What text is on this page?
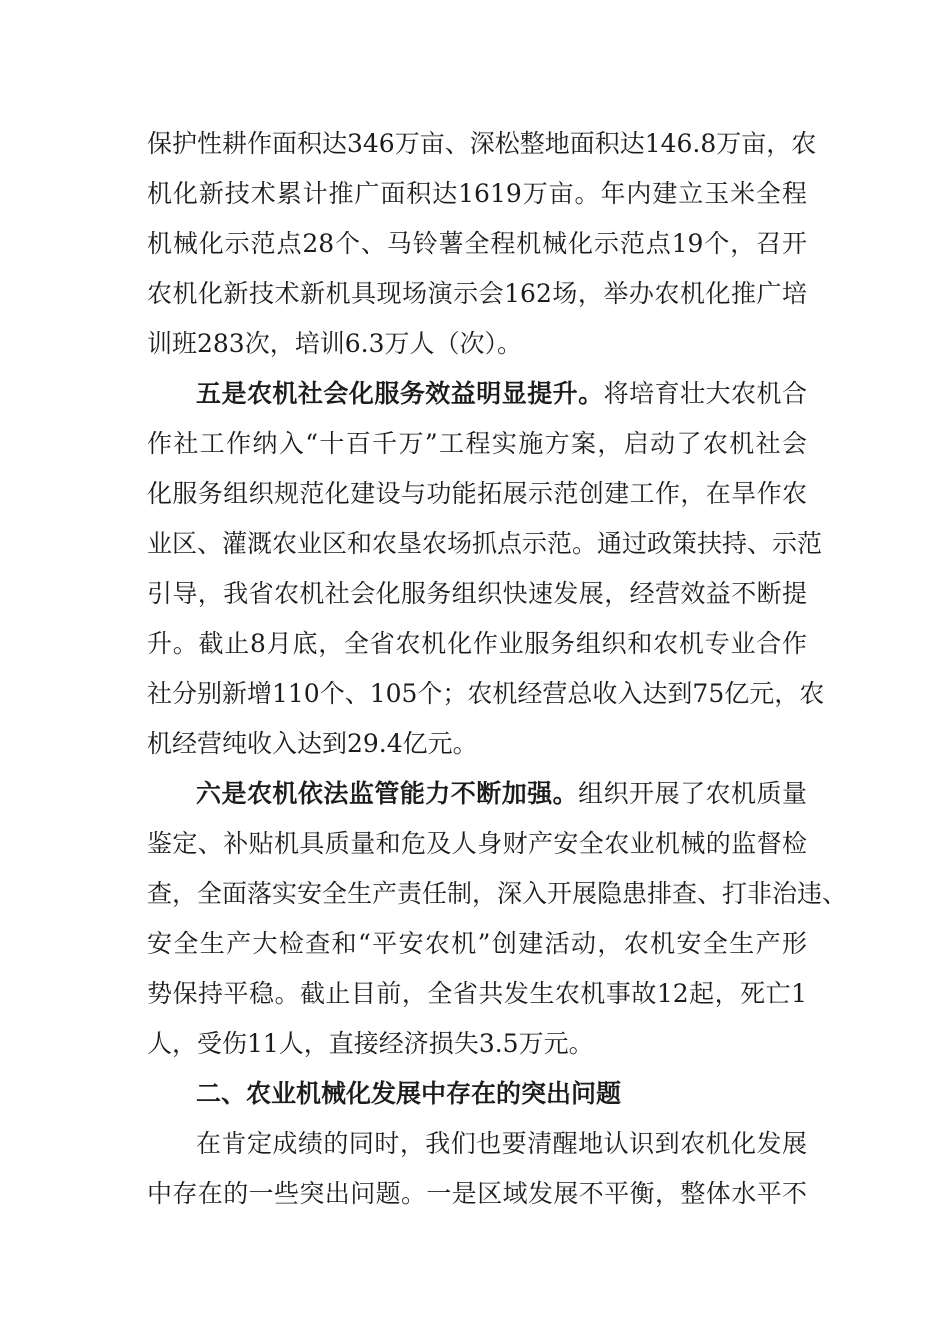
保护性耕作面积达346万亩、深松整地面积达146.8万亩，农
机化新技术累计推广面积达1619万亩。年内建立玉米全程
机械化示范点28个、马铃薯全程机械化示范点19个，召开
农机化新技术新机具现场演示会162场，举办农机化推广培
训班283次，培训6.3万人（次）。
五是农机社会化服务效益明显提升。将培育壮大农机合
作社工作纳入“十百千万”工程实施方案，启动了农机社会
化服务组织规范化建设与功能拓展示范创建工作，在旱作农
业区、灌溉农业区和农垦农场抓点示范。通过政策扶持、示范
引导，我省农机社会化服务组织快速发展，经营效益不断提
升。截止8月底，全省农机化作业服务组织和农机专业合作
社分别新增110个、105个；农机经营总收入达到75亿元，农
机经营纯收入达到29.4亿元。
六是农机依法监管能力不断加强。组织开展了农机质量
鉴定、补贴机具质量和危及人身财产安全农业机械的监督检
查，全面落实安全生产责任制，深入开展隐患排查、打非治违、
安全生产大检查和“平安农机”创建活动，农机安全生产形
势保持平稳。截止目前，全省共发生农机事故12起，死亡1
人，受伤11人，直接经济损失3.5万元。
二、农业机械化发展中存在的突出问题
在肯定成绩的同时，我们也要清醒地认识到农机化发展
中存在的一些突出问题。一是区域发展不平衡，整体水平不
